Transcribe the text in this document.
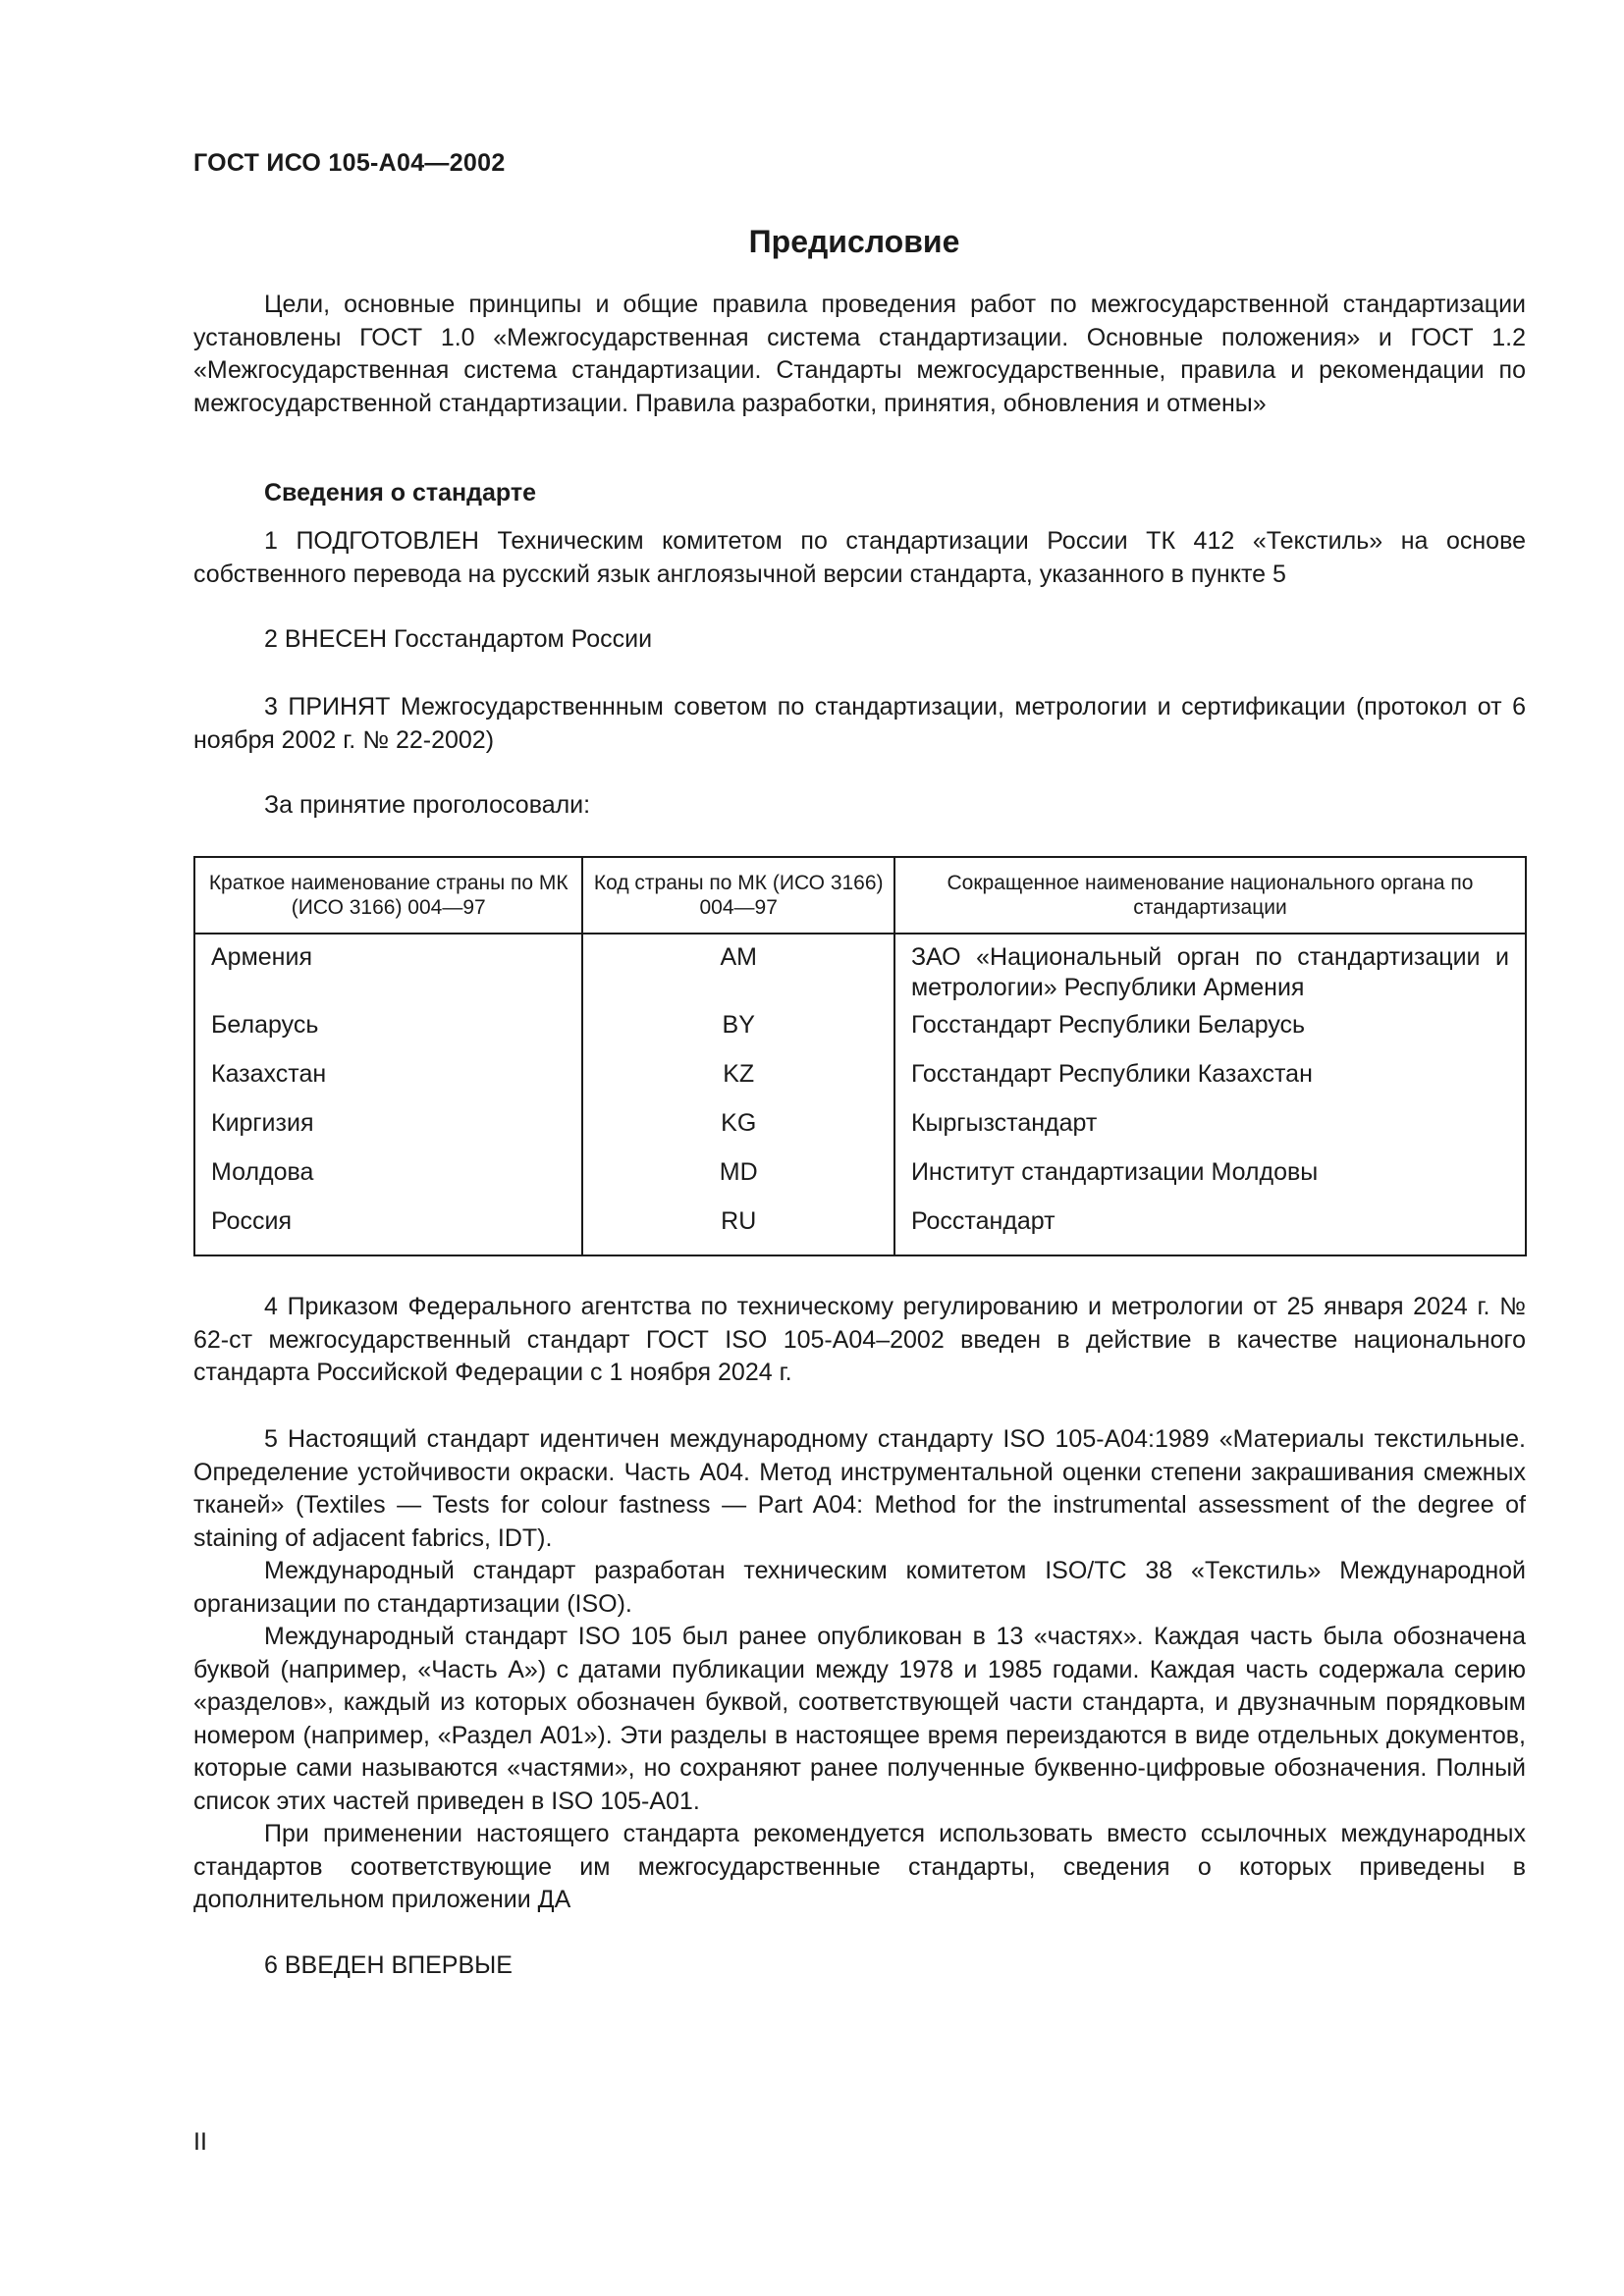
ГОСТ ИСО 105-А04—2002
Предисловие

Цели, основные принципы и общие правила проведения работ по межгосударственной стандартизации установлены ГОСТ 1.0 «Межгосударственная система стандартизации. Основные положения» и ГОСТ 1.2 «Межгосударственная система стандартизации. Стандарты межгосударственные, правила и рекомендации по межгосударственной стандартизации. Правила разработки, принятия, обновления и отмены»

Сведения о стандарте

1 ПОДГОТОВЛЕН Техническим комитетом по стандартизации России ТК 412 «Текстиль» на основе собственного перевода на русский язык англоязычной версии стандарта, указанного в пункте 5

2 ВНЕСЕН Госстандартом России

3 ПРИНЯТ Межгосударственнным советом по стандартизации, метрологии и сертификации (протокол от 6 ноября 2002 г. № 22-2002)

За принятие проголосовали:
Краткое наименование страны по МК (ИСО 3166) 004—97	Код страны по МК (ИСО 3166) 004—97	Сокращенное наименование национального органа по стандартизации
Армения	AM	ЗАО «Национальный орган по стандартизации и метрологии» Республики Армения
Беларусь	BY	Госстандарт Республики Беларусь
Казахстан	KZ	Госстандарт Республики Казахстан
Киргизия	KG	Кыргызстандарт
Молдова	MD	Институт стандартизации Молдовы
Россия	RU	Росстандарт

4 Приказом Федерального агентства по техническому регулированию и метрологии от 25 января 2024 г. № 62-ст межгосударственный стандарт ГОСТ ISO 105-A04–2002 введен в действие в качестве национального стандарта Российской Федерации с 1 ноября 2024 г.

5 Настоящий стандарт идентичен международному стандарту ISO 105-A04:1989 «Материалы текстильные. Определение устойчивости окраски. Часть А04. Метод инструментальной оценки степени закрашивания смежных тканей» (Textiles — Tests for colour fastness — Part A04: Method for the instrumental assessment of the degree of staining of adjacent fabrics, IDT).

Международный стандарт разработан техническим комитетом ISO/TC 38 «Текстиль» Международной организации по стандартизации (ISO).

Международный стандарт ISO 105 был ранее опубликован в 13 «частях». Каждая часть была обозначена буквой (например, «Часть А») с датами публикации между 1978 и 1985 годами. Каждая часть содержала серию «разделов», каждый из которых обозначен буквой, соответствующей части стандарта, и двузначным порядковым номером (например, «Раздел А01»). Эти разделы в настоящее время переиздаются в виде отдельных документов, которые сами называются «частями», но сохраняют ранее полученные буквенно-цифровые обозначения. Полный список этих частей приведен в ISO 105-A01.

При применении настоящего стандарта рекомендуется использовать вместо ссылочных международных стандартов соответствующие им межгосударственные стандарты, сведения о которых приведены в дополнительном приложении ДА

6 ВВЕДЕН ВПЕРВЫЕ
II
